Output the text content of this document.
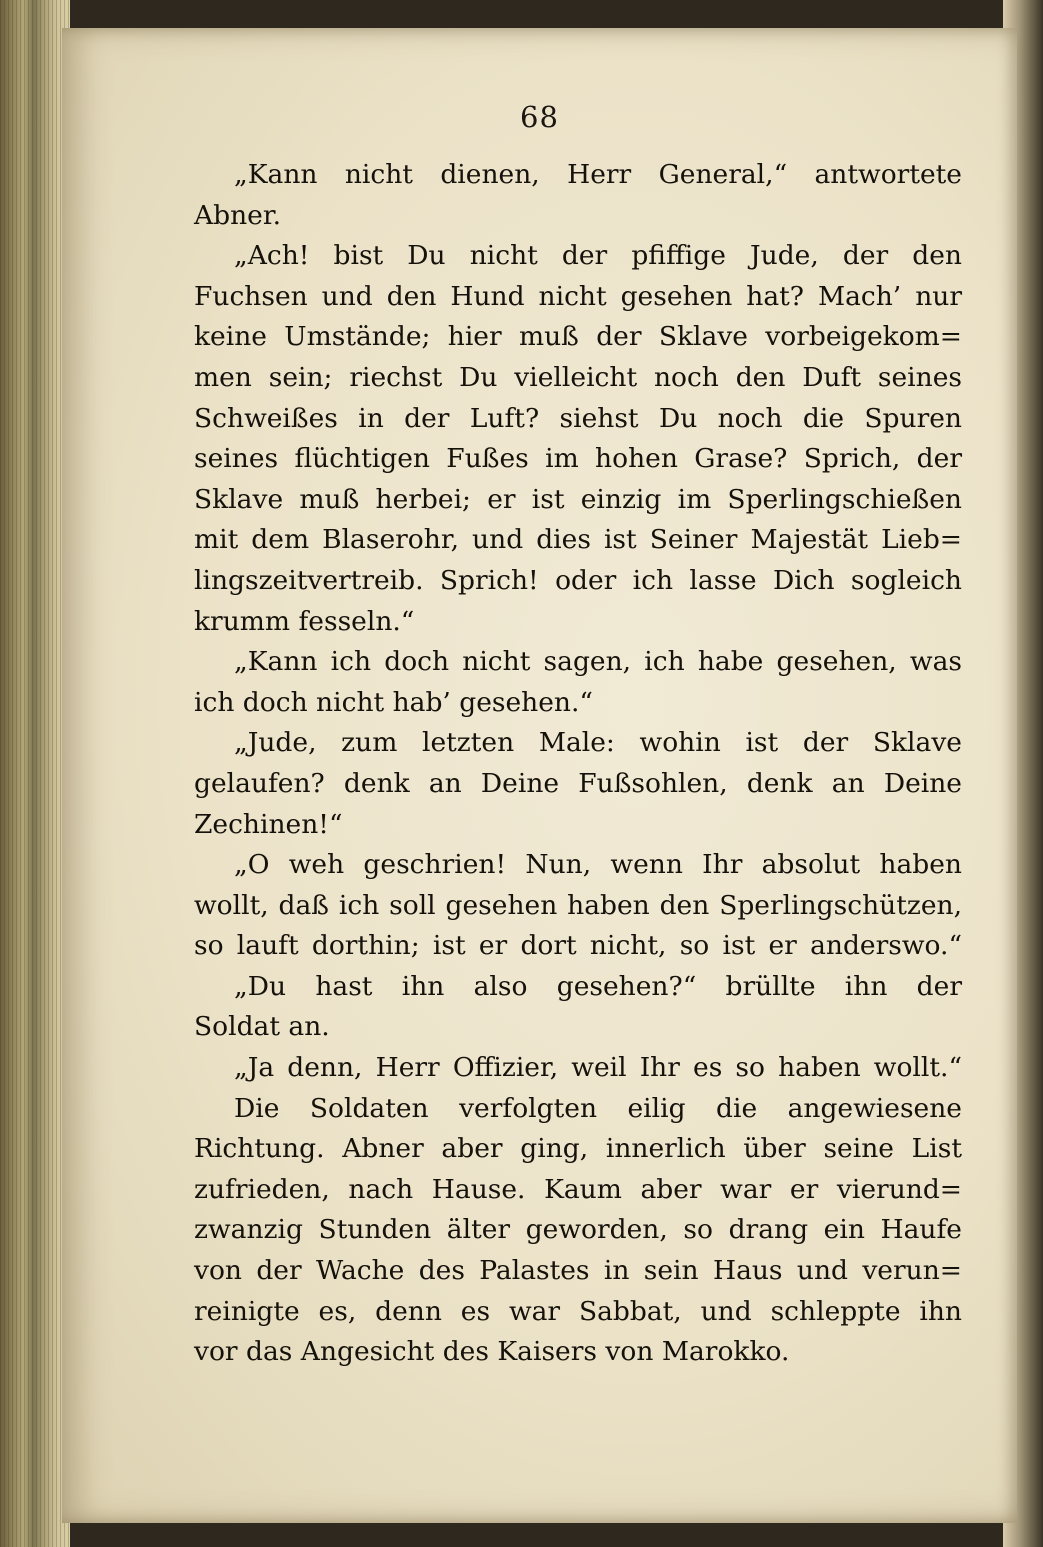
68
„Kann nicht dienen, Herr General,“ antwortete
Abner.
„Ach! bist Du nicht der pfiffige Jude, der den
Fuchsen und den Hund nicht gesehen hat? Mach’ nur
keine Umstände; hier muß der Sklave vorbeigekom=
men sein; riechst Du vielleicht noch den Duft seines
Schweißes in der Luft? siehst Du noch die Spuren
seines flüchtigen Fußes im hohen Grase? Sprich, der
Sklave muß herbei; er ist einzig im Sperlingschießen
mit dem Blaserohr, und dies ist Seiner Majestät Lieb=
lingszeitvertreib. Sprich! oder ich lasse Dich sogleich
krumm fesseln.“
„Kann ich doch nicht sagen, ich habe gesehen, was
ich doch nicht hab’ gesehen.“
„Jude, zum letzten Male: wohin ist der Sklave
gelaufen? denk an Deine Fußsohlen, denk an Deine
Zechinen!“
„O weh geschrien! Nun, wenn Ihr absolut haben
wollt, daß ich soll gesehen haben den Sperlingschützen,
so lauft dorthin; ist er dort nicht, so ist er anderswo.“
„Du hast ihn also gesehen?“ brüllte ihn der
Soldat an.
„Ja denn, Herr Offizier, weil Ihr es so haben wollt.“
Die Soldaten verfolgten eilig die angewiesene
Richtung. Abner aber ging, innerlich über seine List
zufrieden, nach Hause. Kaum aber war er vierund=
zwanzig Stunden älter geworden, so drang ein Haufe
von der Wache des Palastes in sein Haus und verun=
reinigte es, denn es war Sabbat, und schleppte ihn
vor das Angesicht des Kaisers von Marokko.
